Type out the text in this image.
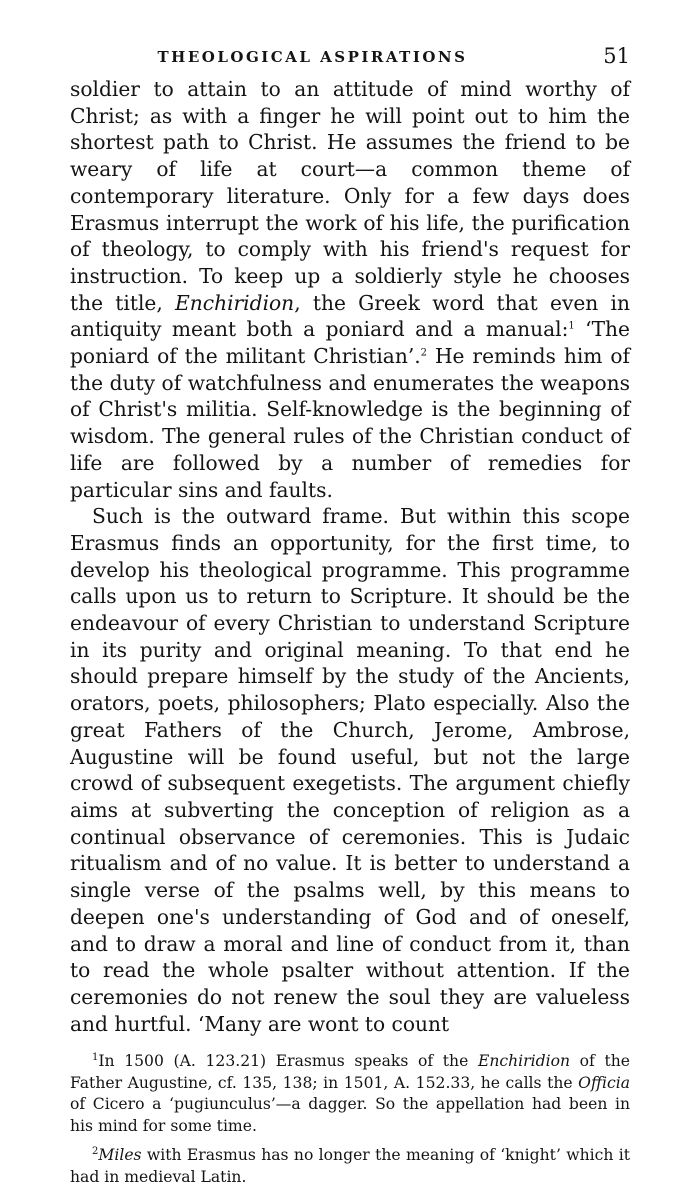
THEOLOGICAL ASPIRATIONS	51

soldier to attain to an attitude of mind worthy of Christ; as with a finger he will point out to him the shortest path to Christ. He assumes the friend to be weary of life at court—a common theme of contemporary literature. Only for a few days does Erasmus interrupt the work of his life, the purification of theology, to comply with his friend's request for instruction. To keep up a soldierly style he chooses the title, Enchiridion, the Greek word that even in antiquity meant both a poniard and a manual:$^1$ ‘The poniard of the militant Christian’.$^2$ He reminds him of the duty of watchfulness and enumerates the weapons of Christ's militia. Self-knowledge is the beginning of wisdom. The general rules of the Christian conduct of life are followed by a number of remedies for particular sins and faults.

Such is the outward frame. But within this scope Erasmus finds an opportunity, for the first time, to develop his theological programme. This programme calls upon us to return to Scripture. It should be the endeavour of every Christian to understand Scripture in its purity and original meaning. To that end he should prepare himself by the study of the Ancients, orators, poets, philosophers; Plato especially. Also the great Fathers of the Church, Jerome, Ambrose, Augustine will be found useful, but not the large crowd of subsequent exegetists. The argument chiefly aims at subverting the conception of religion as a continual observance of ceremonies. This is Judaic ritualism and of no value. It is better to understand a single verse of the psalms well, by this means to deepen one's understanding of God and of oneself, and to draw a moral and line of conduct from it, than to read the whole psalter without attention. If the ceremonies do not renew the soul they are valueless and hurtful. ‘Many are wont to count

$^1$In 1500 (A. 123.21) Erasmus speaks of the Enchiridion of the Father Augustine, cf. 135, 138; in 1501, A. 152.33, he calls the Officia of Cicero a ‘pugiunculus’—a dagger. So the appellation had been in his mind for some time.

$^2$Miles with Erasmus has no longer the meaning of ‘knight’ which it had in medieval Latin.
